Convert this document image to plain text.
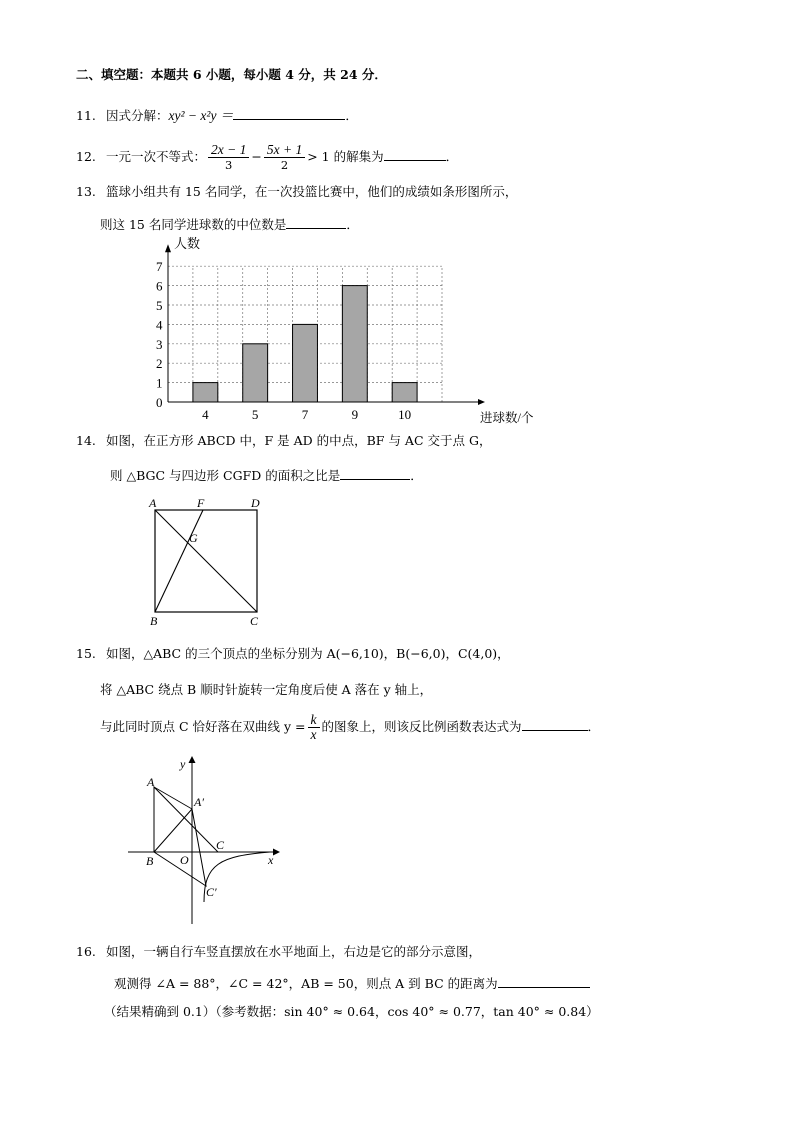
二、填空题：本题共 6 小题，每小题 4 分，共 24 分．
11. 因式分解：xy² − x²y ＝	．
12. 一元一次不等式： $\frac{2x - 1}{3} - \frac{5x + 1}{2} > 1$ 的解集为	．
13. 篮球小组共有 15 名同学，在一次投篮比赛中，他们的成绩如条形图所示，
则这 15 名同学进球数的中位数是	．
0
1
2
3
4
5
6
7
4	5	7	9	10
人数
进球数/个
14. 如图，在正方形 ABCD 中，F 是 AD 的中点，BF 与 AC 交于点 G，
则 △BGC 与四边形 CGFD 的面积之比是	．
A	F	D
G
B	C
15. 如图，△ABC 的三个顶点的坐标分别为 A(−6,10)，B(−6,0)，C(4,0)，
将 △ABC 绕点 B 顺时针旋转一定角度后使 A 落在 y 轴上，
与此同时顶点 C 恰好落在双曲线 $y = \frac{k}{x}$ 的图象上，则该反比例函数表达式为	．
A
A′
B O
C
C′
x
y
16. 如图，一辆自行车竖直摆放在水平地面上，右边是它的部分示意图，
观测得 ∠A = 88°，∠C = 42°，AB = 50，则点 A 到 BC 的距离为
（结果精确到 0.1）（参考数据：sin 40° ≈ 0.64，cos 40° ≈ 0.77，tan 40° ≈ 0.84）
